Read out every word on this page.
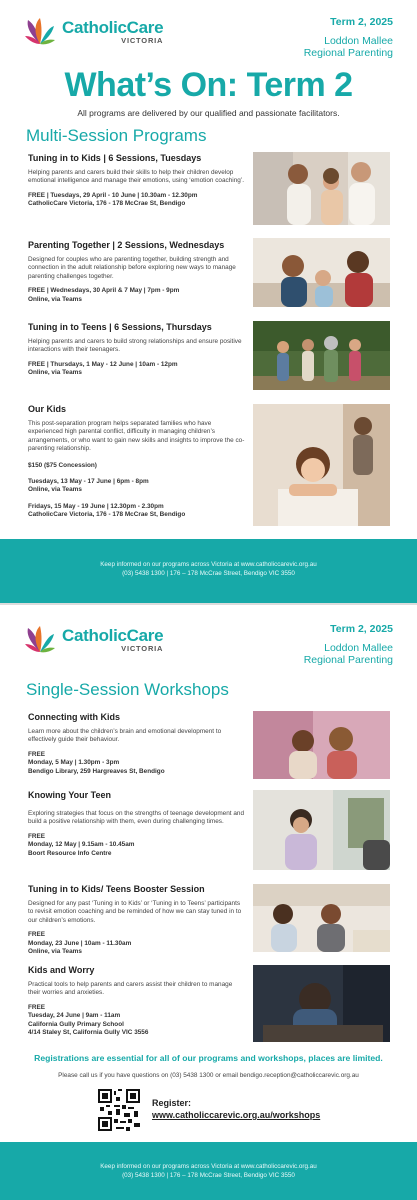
CatholicCare
VICTORIA
Term 2, 2025
Loddon Mallee
Regional Parenting
What’s On: Term 2
All programs are delivered by our qualified and passionate facilitators.
Multi-Session Programs
Tuning in to Kids | 6 Sessions, Tuesdays

Helping parents and carers build their skills to help their children develop emotional intelligence and manage their emotions, using ‘emotion coaching’.

FREE | Tuesdays, 29 April - 10 June | 10.30am - 12.30pm
CatholicCare Victoria, 176 - 178 McCrae St, Bendigo
Parenting Together | 2 Sessions, Wednesdays

Designed for couples who are parenting together, building strength and connection in the adult relationship before exploring new ways to manage parenting challenges together.

FREE | Wednesdays, 30 April & 7 May | 7pm - 9pm
Online, via Teams
Tuning in to Teens | 6 Sessions, Thursdays

Helping parents and carers to build strong relationships and ensure positive interactions with their teenagers.

FREE | Thursdays, 1 May - 12 June | 10am - 12pm
Online, via Teams
Our Kids

This post-separation program helps separated families who have experienced high parental conflict, difficulty in managing children’s arrangements, or who want to gain new skills and insights to improve the co-parenting relationship.

$150 ($75 Concession)
Tuesdays, 13 May - 17 June | 6pm - 8pm
Online, via Teams
Fridays, 15 May - 19 June | 12.30pm - 2.30pm
CatholicCare Victoria, 176 - 178 McCrae St, Bendigo
Keep informed on our programs across Victoria at www.catholiccarevic.org.au
(03) 5438 1300 | 176 – 178 McCrae Street, Bendigo VIC 3550
CatholicCare
VICTORIA
Term 2, 2025
Loddon Mallee
Regional Parenting
Single-Session Workshops
Connecting with Kids

Learn more about the children’s brain and emotional development to effectively guide their behaviour.

FREE
Monday, 5 May | 1.30pm - 3pm
Bendigo Library, 259 Hargreaves St, Bendigo
Knowing Your Teen

Exploring strategies that focus on the strengths of teenage development and build a positive relationship with them, even during challenging times.

FREE
Monday, 12 May | 9.15am - 10.45am
Boort Resource Info Centre
Tuning in to Kids/ Teens Booster Session

Designed for any past ‘Tuning in to Kids’ or ‘Tuning in to Teens’ participants to revisit emotion coaching and be reminded of how we can stay tuned in to our children’s emotions.

FREE
Monday, 23 June | 10am - 11.30am
Online, via Teams
Kids and Worry

Practical tools to help parents and carers assist their children to manage their worries and anxieties.

FREE
Tuesday, 24 June | 9am - 11am
California Gully Primary School
4/14 Staley St, California Gully VIC 3556
Registrations are essential for all of our programs and workshops, places are limited.
Please call us if you have questions on (03) 5438 1300 or email bendigo.reception@catholiccarevic.org.au
Register:
www.catholiccarevic.org.au/workshops
Keep informed on our programs across Victoria at www.catholiccarevic.org.au
(03) 5438 1300 | 176 – 178 McCrae Street, Bendigo VIC 3550
